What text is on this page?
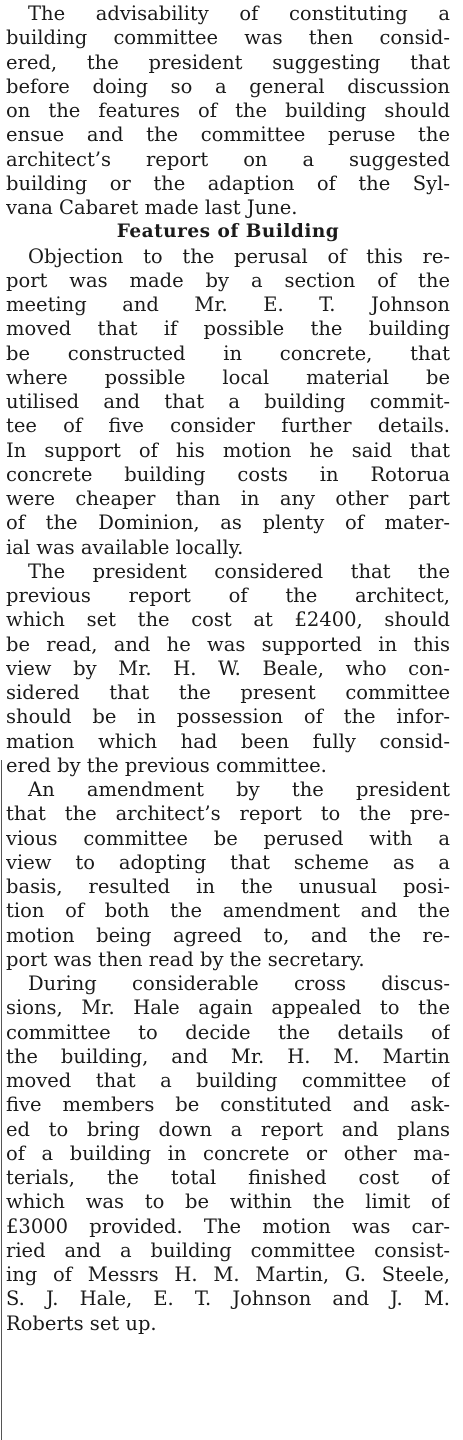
The advisability of constituting a
building committee was then consid-
ered, the president suggesting that
before doing so a general discussion
on the features of the building should
ensue and the committee peruse the
architect’s report on a suggested
building or the adaption of the Syl-
vana Cabaret made last June.
Features of Building
Objection to the perusal of this re-
port was made by a section of the
meeting and Mr. E. T. Johnson
moved that if possible the building
be constructed in concrete, that
where possible local material be
utilised and that a building commit-
tee of five consider further details.
In support of his motion he said that
concrete building costs in Rotorua
were cheaper than in any other part
of the Dominion, as plenty of mater-
ial was available locally.
The president considered that the
previous report of the architect,
which set the cost at £2400, should
be read, and he was supported in this
view by Mr. H. W. Beale, who con-
sidered that the present committee
should be in possession of the infor-
mation which had been fully consid-
ered by the previous committee.
An amendment by the president
that the architect’s report to the pre-
vious committee be perused with a
view to adopting that scheme as a
basis, resulted in the unusual posi-
tion of both the amendment and the
motion being agreed to, and the re-
port was then read by the secretary.
During considerable cross discus-
sions, Mr. Hale again appealed to the
committee to decide the details of
the building, and Mr. H. M. Martin
moved that a building committee of
five members be constituted and ask-
ed to bring down a report and plans
of a building in concrete or other ma-
terials, the total finished cost of
which was to be within the limit of
£3000 provided. The motion was car-
ried and a building committee consist-
ing of Messrs H. M. Martin, G. Steele,
S. J. Hale, E. T. Johnson and J. M.
Roberts set up.
